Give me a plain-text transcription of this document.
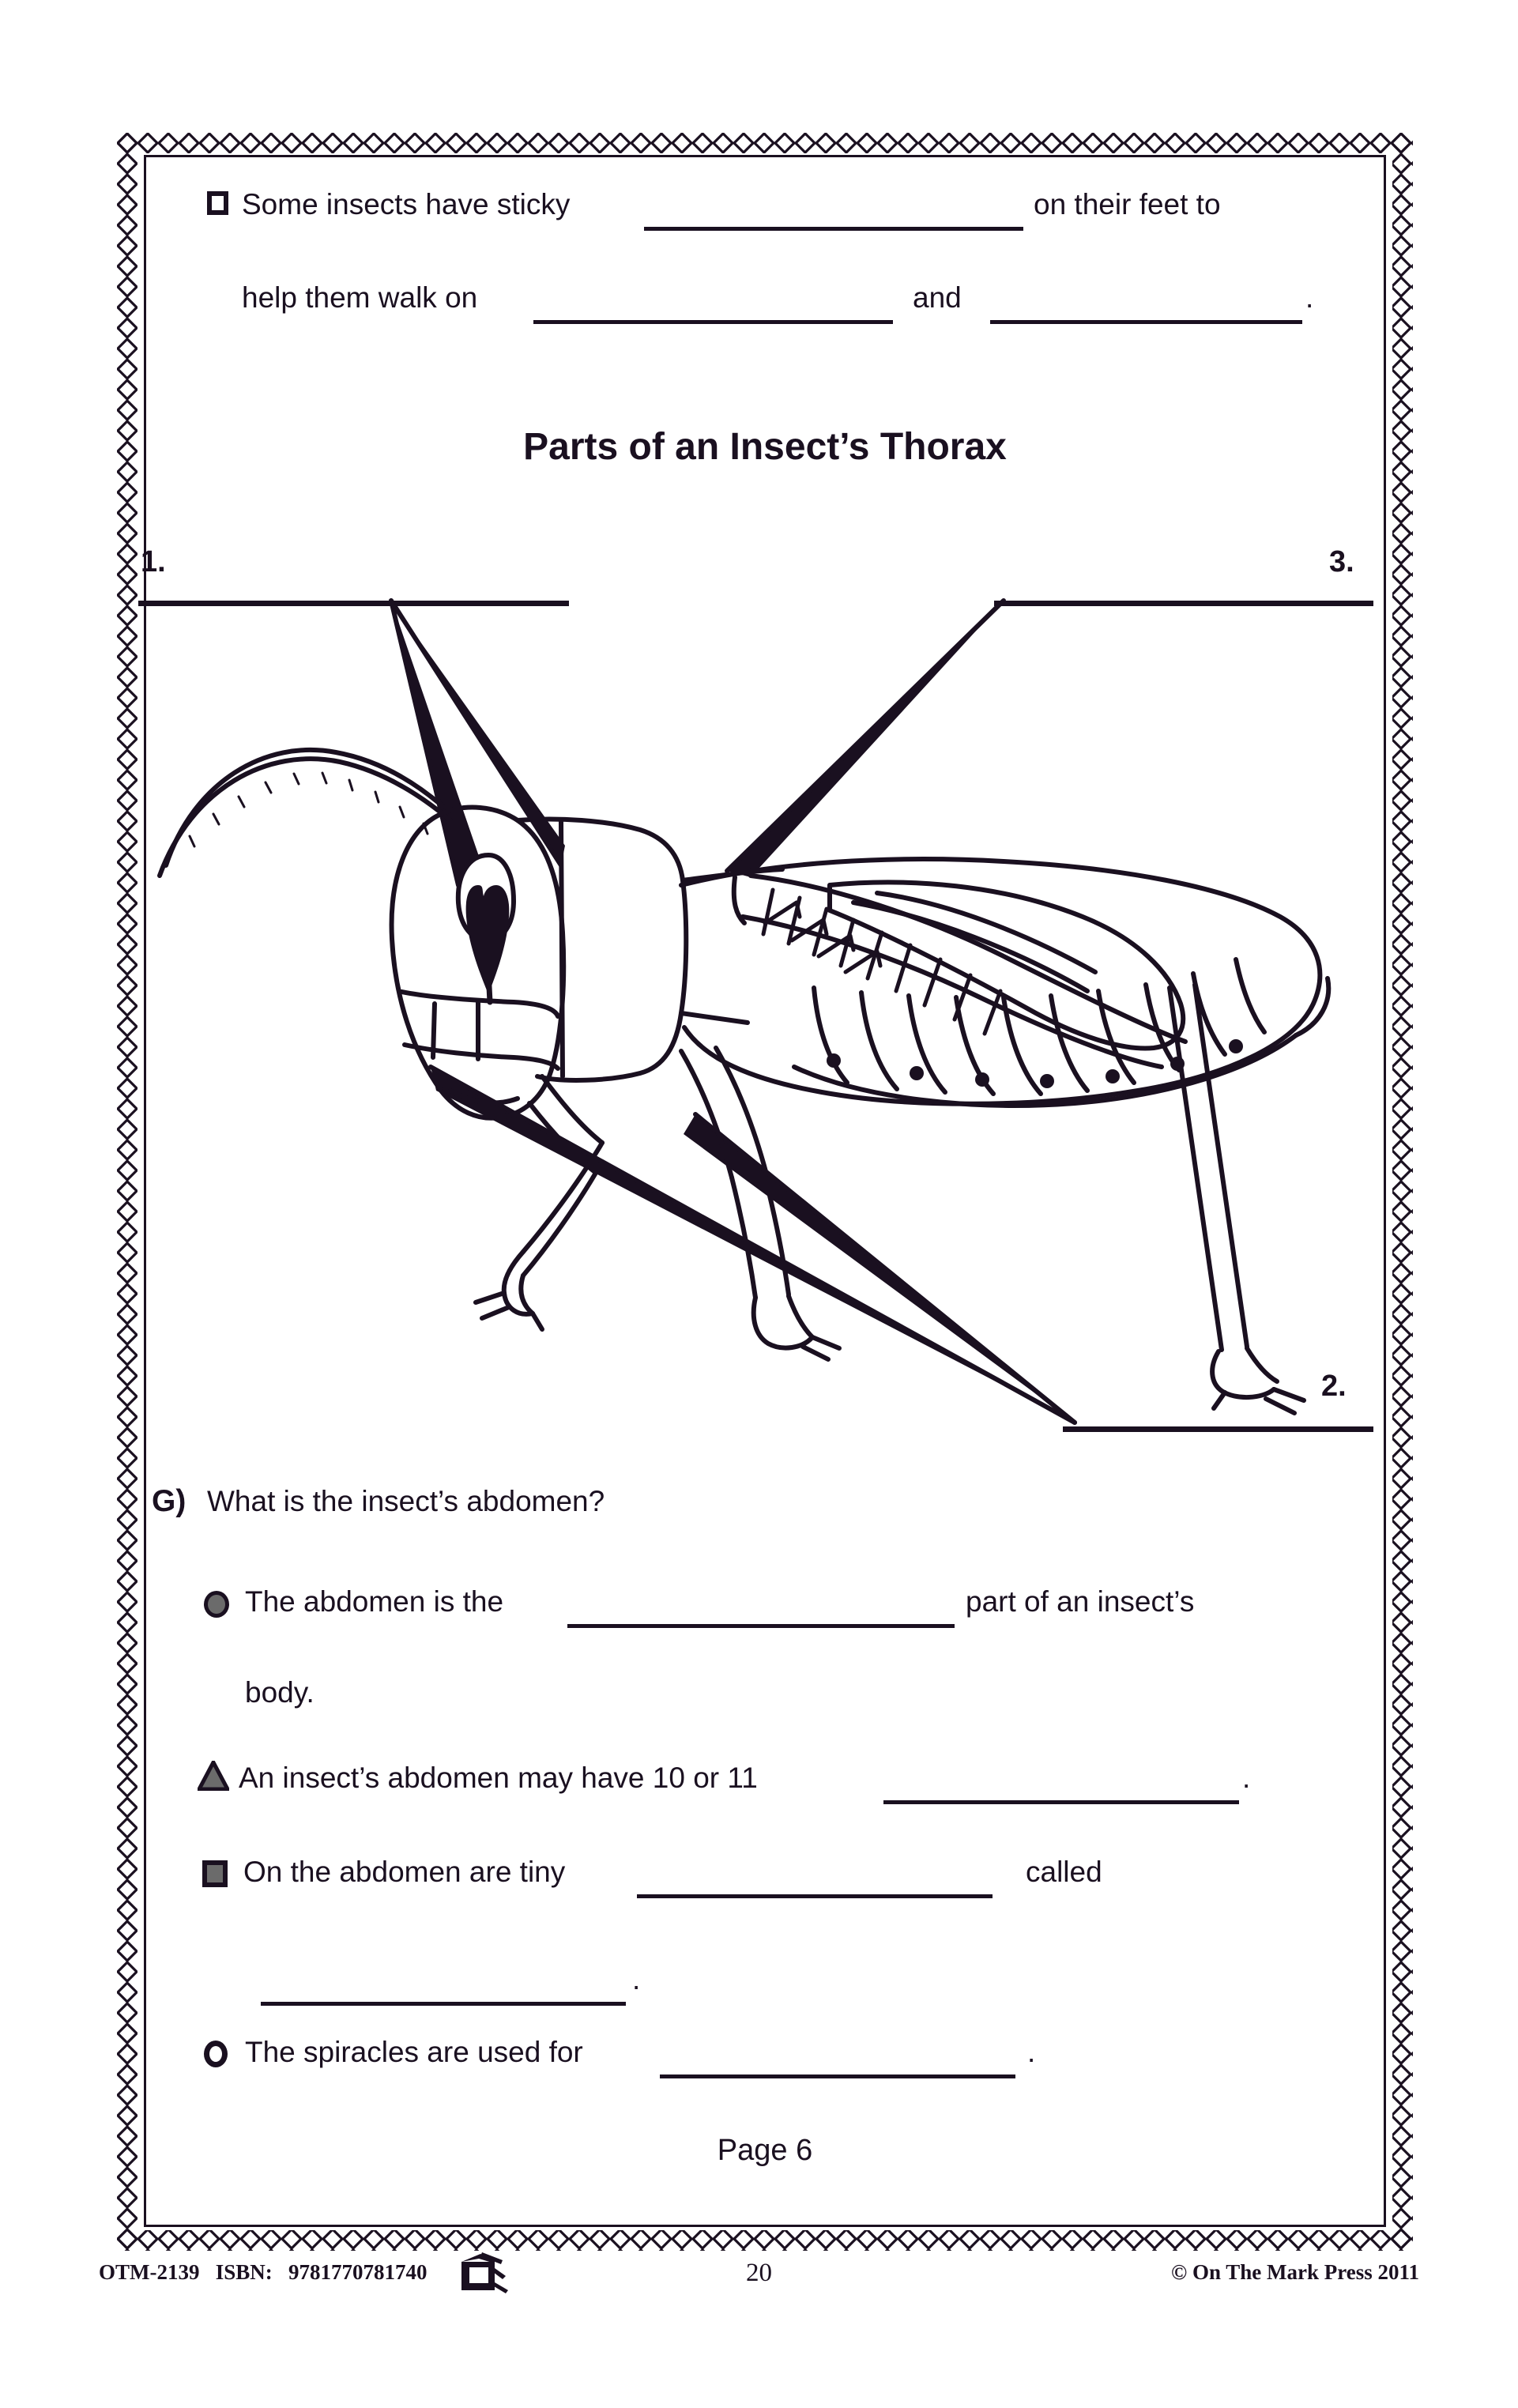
Some insects have sticky	on their feet to
help them walk on	and	.
Parts of an Insect’s Thorax
1.	3.
2.
G) What is the insect’s abdomen?
The abdomen is the	part of an insect’s
body.
An insect’s abdomen may have 10 or 11	.
On the abdomen are tiny	called
.
The spiracles are used for	.
Page 6
OTM-2139 ISBN: 9781770781740	20	© On The Mark Press 2011
